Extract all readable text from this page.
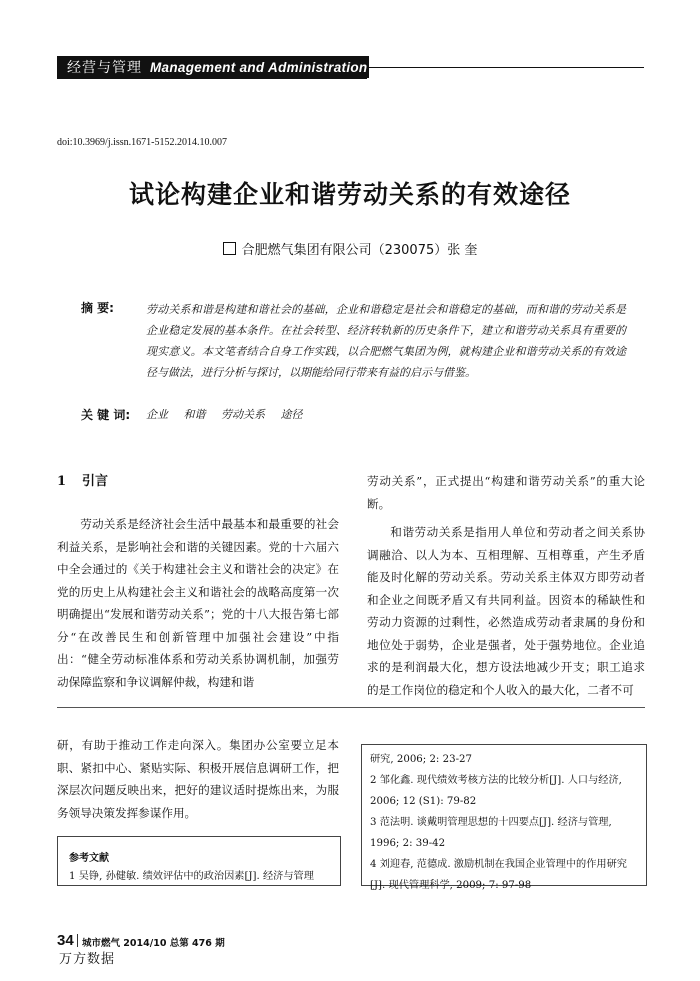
经营与管理 Management and Administration
doi:10.3969/j.issn.1671-5152.2014.10.007
试论构建企业和谐劳动关系的有效途径
合肥燃气集团有限公司（230075）张 奎
摘 要:	劳动关系和谐是构建和谐社会的基础，企业和谐稳定是社会和谐稳定的基础，而和谐的劳动关系是企业稳定发展的基本条件。在社会转型、经济转轨新的历史条件下，建立和谐劳动关系具有重要的现实意义。本文笔者结合自身工作实践，以合肥燃气集团为例，就构建企业和谐劳动关系的有效途径与做法，进行分析与探讨，以期能给同行带来有益的启示与借鉴。
关 键 词: 企业 和谐 劳动关系 途径
1 引言

劳动关系是经济社会生活中最基本和最重要的社会利益关系，是影响社会和谐的关键因素。党的十六届六中全会通过的《关于构建社会主义和谐社会的决定》在党的历史上从构建社会主义和谐社会的战略高度第一次明确提出“发展和谐劳动关系”；党的十八大报告第七部分“在改善民生和创新管理中加强社会建设”中指出：“健全劳动标准体系和劳动关系协调机制，加强劳动保障监察和争议调解仲裁，构建和谐

劳动关系”，正式提出“构建和谐劳动关系”的重大论断。

和谐劳动关系是指用人单位和劳动者之间关系协调融洽、以人为本、互相理解、互相尊重，产生矛盾能及时化解的劳动关系。劳动关系主体双方即劳动者和企业之间既矛盾又有共同利益。因资本的稀缺性和劳动力资源的过剩性，必然造成劳动者隶属的身份和地位处于弱势，企业是强者，处于强势地位。企业追求的是利润最大化，想方设法地减少开支；职工追求的是工作岗位的稳定和个人收入的最大化，二者不可

研，有助于推动工作走向深入。集团办公室要立足本职、紧扣中心、紧贴实际、积极开展信息调研工作，把深层次问题反映出来，把好的建议适时提炼出来，为服务领导决策发挥参谋作用。

参考文献
1 吴铮, 孙健敏. 绩效评估中的政治因素[J]. 经济与管理
研究, 2006; 2: 23-27
2 邹化鑫. 现代绩效考核方法的比较分析[J]. 人口与经济, 2006; 12 (S1): 79-82
3 范法明. 谈戴明管理思想的十四要点[J]. 经济与管理, 1996; 2: 39-42
4 刘迎春, 范德成. 激励机制在我国企业管理中的作用研究[J]. 现代管理科学, 2009; 7: 97-98
34 城市燃气 2014/10 总第 476 期
万方数据
